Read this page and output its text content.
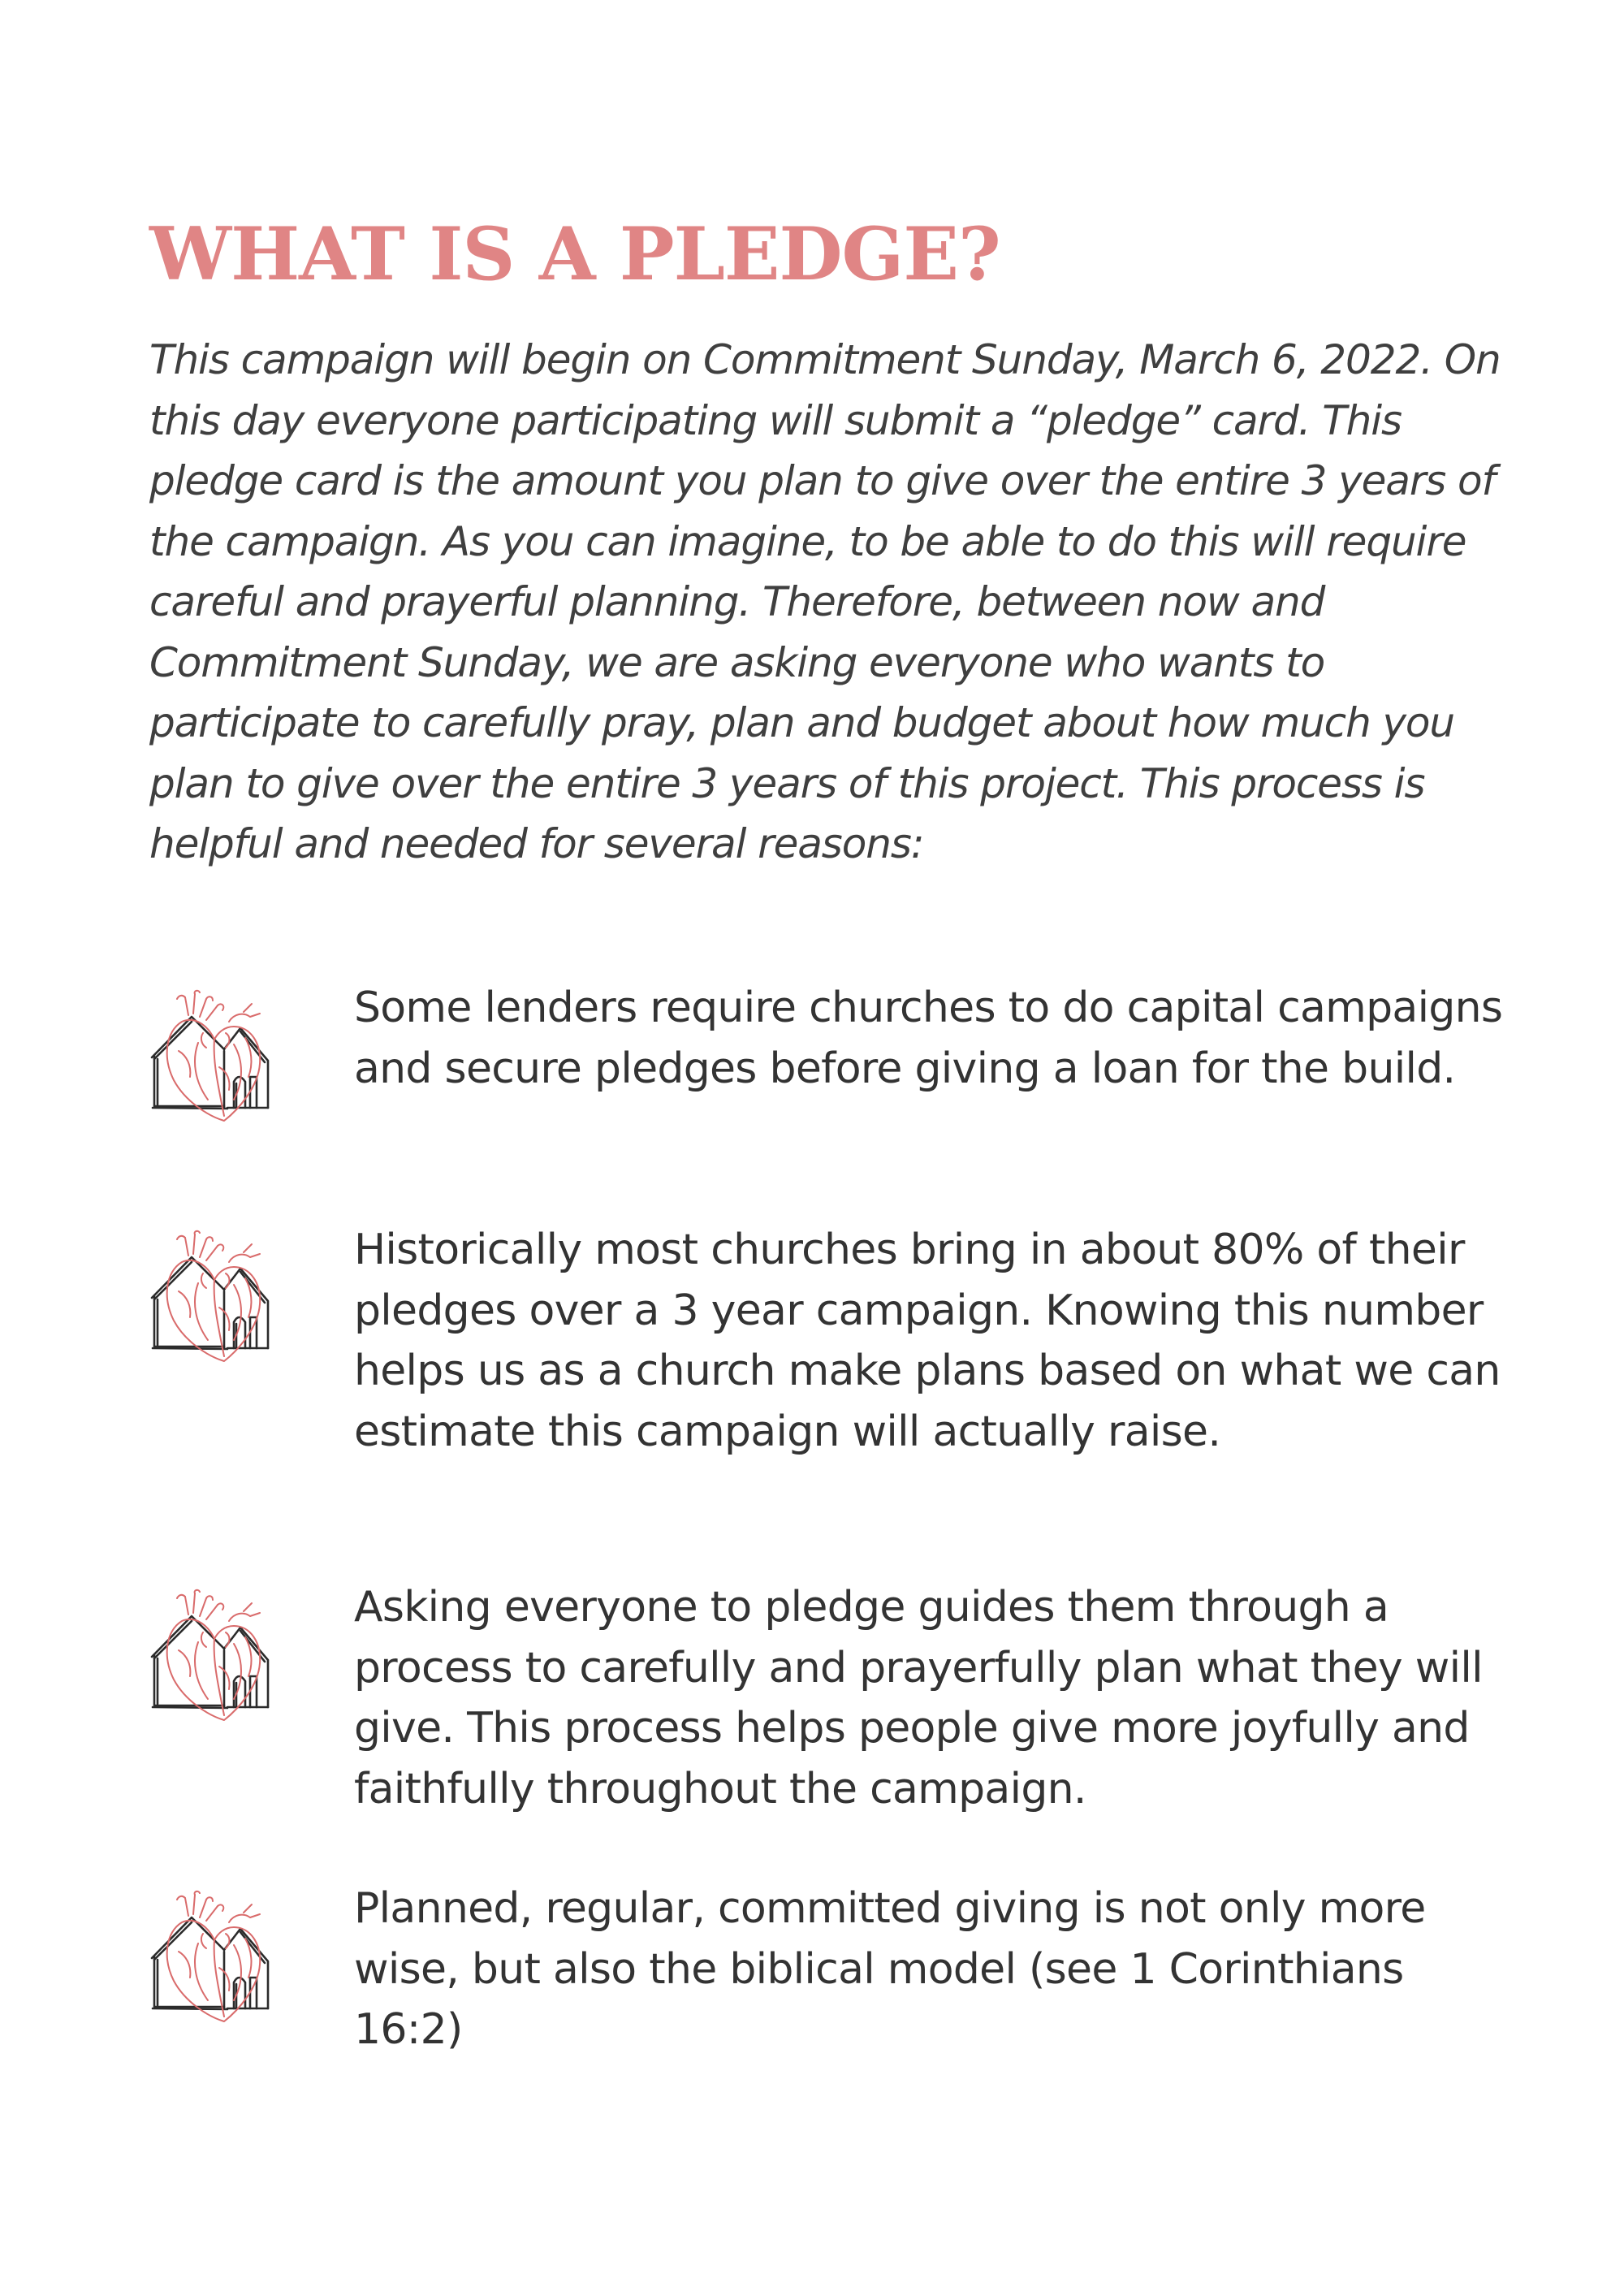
WHAT IS A PLEDGE?

This campaign will begin on Commitment Sunday, March 6, 2022. On this day everyone participating will submit a “pledge” card. This pledge card is the amount you plan to give over the entire 3 years of the campaign. As you can imagine, to be able to do this will require careful and prayerful planning. Therefore, between now and Commitment Sunday, we are asking everyone who wants to participate to carefully pray, plan and budget about how much you plan to give over the entire 3 years of this project. This process is helpful and needed for several reasons:

Some lenders require churches to do capital campaigns and secure pledges before giving a loan for the build.

Historically most churches bring in about 80% of their pledges over a 3 year campaign. Knowing this number helps us as a church make plans based on what we can estimate this campaign will actually raise.

Asking everyone to pledge guides them through a process to carefully and prayerfully plan what they will give. This process helps people give more joyfully and faithfully throughout the campaign.

Planned, regular, committed giving is not only more wise, but also the biblical model (see 1 Corinthians 16:2)
